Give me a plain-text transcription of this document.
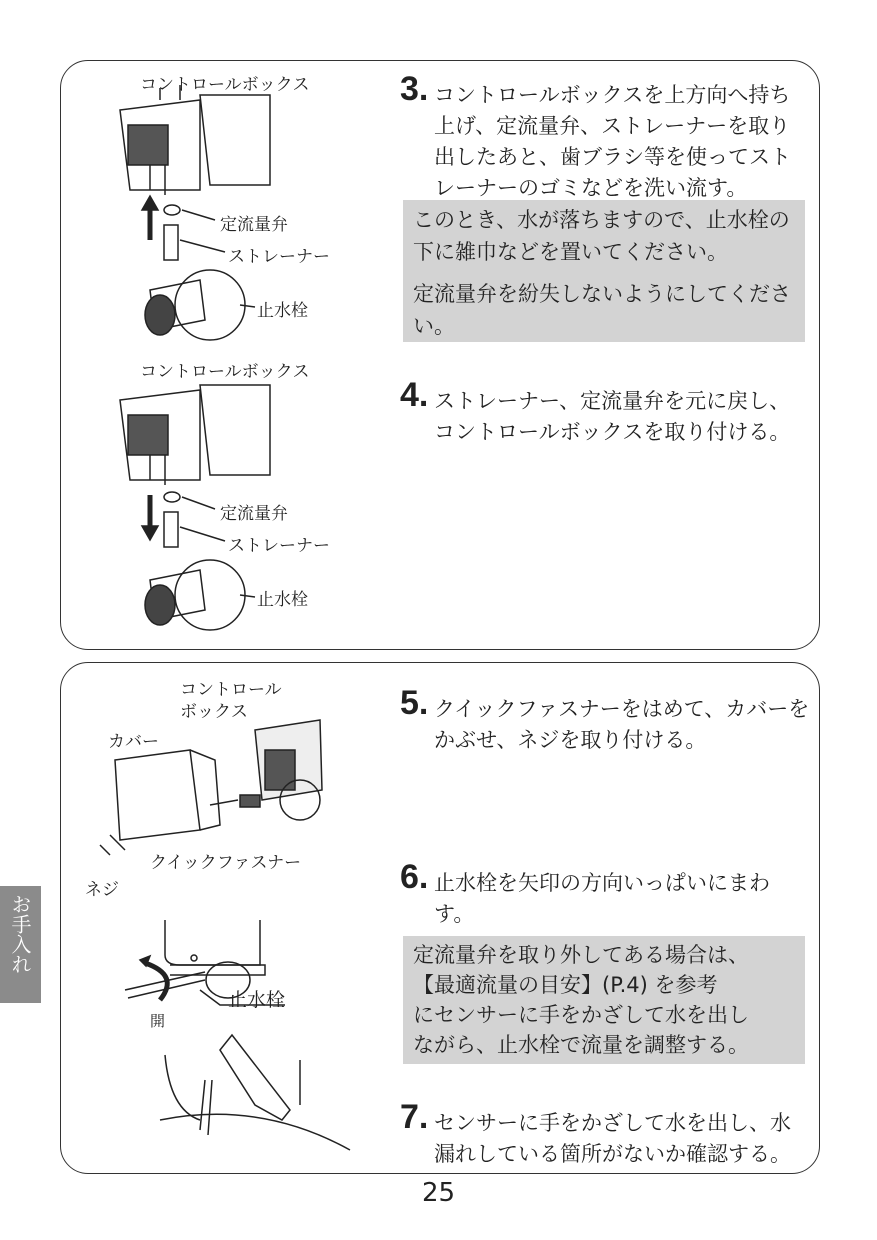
コントロールボックス
定流量弁
ストレーナー
止水栓
コントロールボックス
定流量弁
ストレーナー
止水栓
3. コントロールボックスを上方向へ持ち上げ、定流量弁、ストレーナーを取り出したあと、歯ブラシ等を使ってストレーナーのゴミなどを洗い流す。

このとき、水が落ちますので、止水栓の下に雑巾などを置いてください。

定流量弁を紛失しないようにしてください。

4. ストレーナー、定流量弁を元に戻し、コントロールボックスを取り付ける。
コントロール
ボックス
カバー
クイックファスナー
ネジ
止水栓
開
5. クイックファスナーをはめて、カバーをかぶせ、ネジを取り付ける。
6. 止水栓を矢印の方向いっぱいにまわす。
定流量弁を取り外してある場合は、
【最適流量の目安】(P.4) を参考
にセンサーに手をかざして水を出し
ながら、止水栓で流量を調整する。
7. センサーに手をかざして水を出し、水漏れしている箇所がないか確認する。
お手入れ
25
